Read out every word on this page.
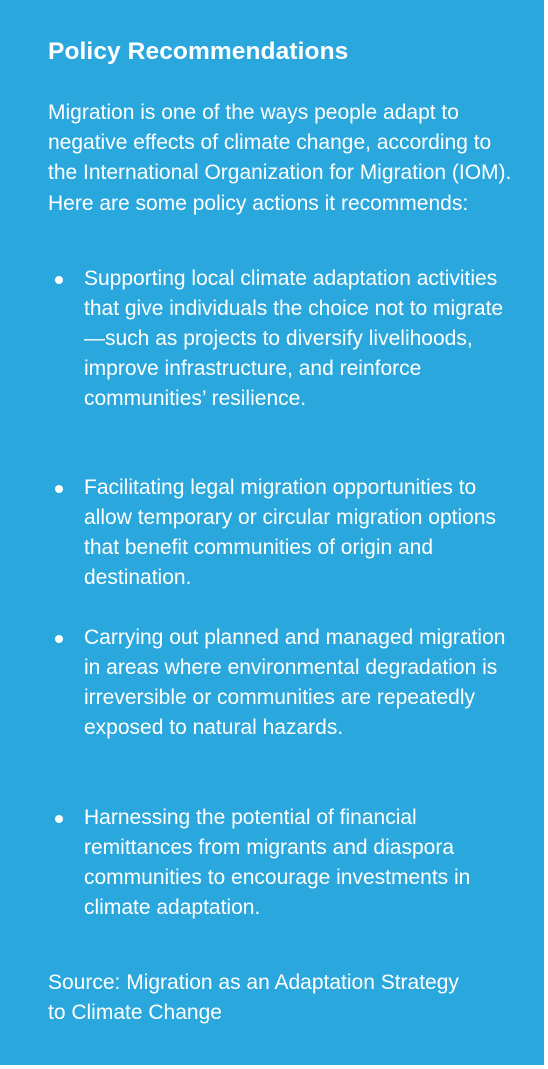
Policy Recommendations

Migration is one of the ways people adapt to negative effects of climate change, according to the International Organization for Migration (IOM). Here are some policy actions it recommends:

Supporting local climate adaptation activities that give individuals the choice not to migrate—such as projects to diversify livelihoods, improve infrastructure, and reinforce communities’ resilience.

Facilitating legal migration opportunities to allow temporary or circular migration options that benefit communities of origin and destination.

Carrying out planned and managed migration in areas where environmental degradation is irreversible or communities are repeatedly exposed to natural hazards.

Harnessing the potential of financial remittances from migrants and diaspora communities to encourage investments in climate adaptation.

Source: Migration as an Adaptation Strategy to Climate Change
